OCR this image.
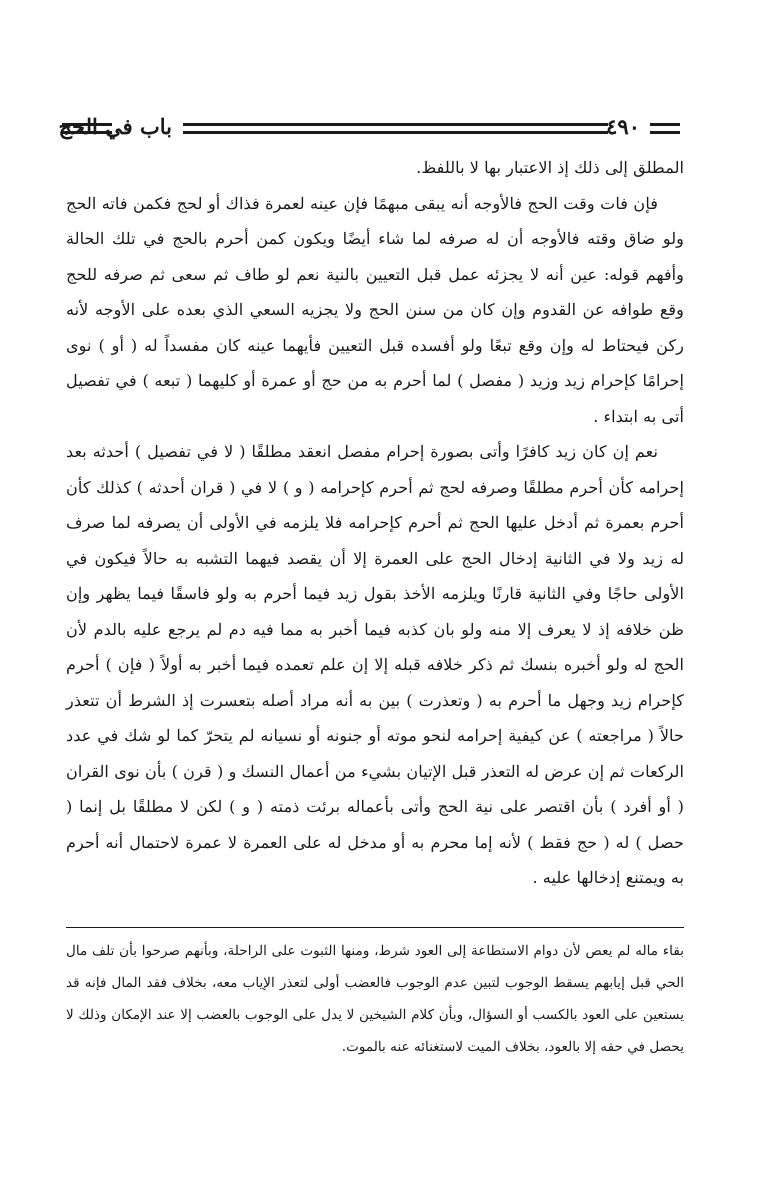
باب في الحج	٤٩٠

المطلق إلى ذلك إذ الاعتبار بها لا باللفظ.

فإن فات وقت الحج فالأوجه أنه يبقى مبهمًا فإن عينه لعمرة فذاك أو لحج فكمن فاته الحج ولو ضاق وقته فالأوجه أن له صرفه لما شاء أيضًا ويكون كمن أحرم بالحج في تلك الحالة وأفهم قوله: عين أنه لا يجزئه عمل قبل التعيين بالنية نعم لو طاف ثم سعى ثم صرفه للحج وقع طوافه عن القدوم وإن كان من سنن الحج ولا يجزيه السعي الذي بعده على الأوجه لأنه ركن فيحتاط له وإن وقع تبعًا ولو أفسده قبل التعيين فأيهما عينه كان مفسداً له ( أو ) نوى إحرامًا كإحرام زيد وزيد ( مفصل ) لما أحرم به من حج أو عمرة أو كليهما ( تبعه ) في تفصيل أتى به ابتداء .

نعم إن كان زيد كافرًا وأتى بصورة إحرام مفصل انعقد مطلقًا ( لا في تفصيل ) أحدثه بعد إحرامه كأن أحرم مطلقًا وصرفه لحج ثم أحرم كإحرامه ( و ) لا في ( قران أحدثه ) كذلك كأن أحرم بعمرة ثم أدخل عليها الحج ثم أحرم كإحرامه فلا يلزمه في الأولى أن يصرفه لما صرف له زيد ولا في الثانية إدخال الحج على العمرة إلا أن يقصد فيهما التشبه به حالاً فيكون في الأولى حاجًا وفي الثانية قارنًا ويلزمه الأخذ بقول زيد فيما أحرم به ولو فاسقًا فيما يظهر وإن ظن خلافه إذ لا يعرف إلا منه ولو بان كذبه فيما أخبر به مما فيه دم لم يرجع عليه بالدم لأن الحج له ولو أخبره بنسك ثم ذكر خلافه قبله إلا إن علم تعمده فيما أخبر به أولاً ( فإن ) أحرم كإحرام زيد وجهل ما أحرم به ( وتعذرت ) بين به أنه مراد أصله بتعسرت إذ الشرط أن تتعذر حالاً ( مراجعته ) عن كيفية إحرامه لنحو موته أو جنونه أو نسيانه لم يتحرّ كما لو شك في عدد الركعات ثم إن عرض له التعذر قبل الإتيان بشيء من أعمال النسك و ( قرن ) بأن نوى القران ( أو أفرد ) بأن اقتصر على نية الحج وأتى بأعماله برئت ذمته ( و ) لكن لا مطلقًا بل إنما ( حصل ) له ( حج فقط ) لأنه إما محرم به أو مدخل له على العمرة لا عمرة لاحتمال أنه أحرم به ويمتنع إدخالها عليه .

بقاء ماله لم يعص لأن دوام الاستطاعة إلى العود شرط، ومنها الثبوت على الراحلة، وبأنهم صرحوا بأن تلف مال الحي قبل إيابهم يسقط الوجوب لتبين عدم الوجوب فالعضب أولى لتعذر الإياب معه، بخلاف فقد المال فإنه قد يستعين على العود بالكسب أو السؤال، وبأن كلام الشيخين لا يدل على الوجوب بالعضب إلا عند الإمكان وذلك لا يحصل في حقه إلا بالعود، بخلاف الميت لاستغنائه عنه بالموت.
